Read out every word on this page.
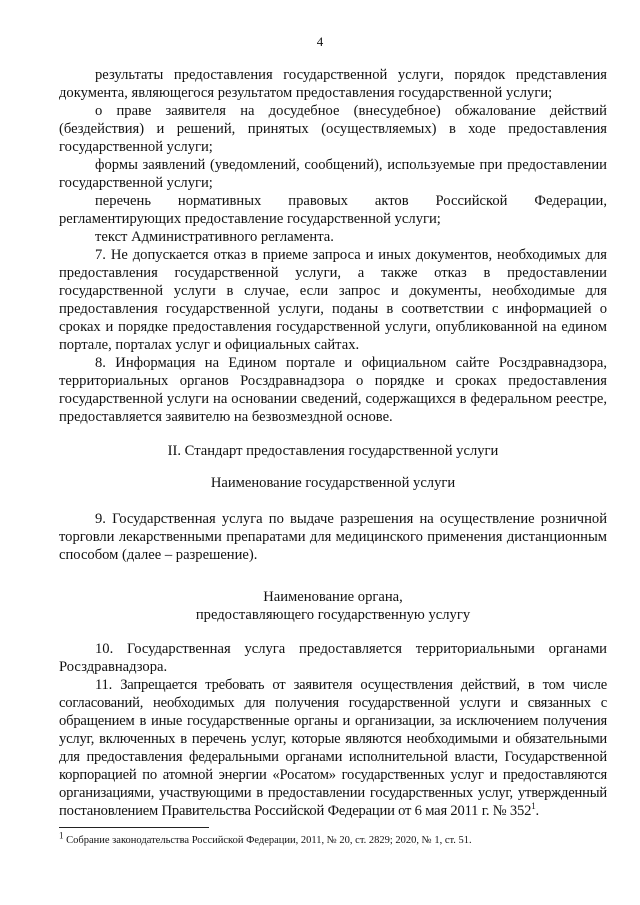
4

результаты предоставления государственной услуги, порядок представления документа, являющегося результатом предоставления государственной услуги;

о праве заявителя на досудебное (внесудебное) обжалование действий (бездействия) и решений, принятых (осуществляемых) в ходе предоставления государственной услуги;

формы заявлений (уведомлений, сообщений), используемые при предоставлении государственной услуги;

перечень нормативных правовых актов Российской Федерации, регламентирующих предоставление государственной услуги;

текст Административного регламента.

7. Не допускается отказ в приеме запроса и иных документов, необходимых для предоставления государственной услуги, а также отказ в предоставлении государственной услуги в случае, если запрос и документы, необходимые для предоставления государственной услуги, поданы в соответствии с информацией о сроках и порядке предоставления государственной услуги, опубликованной на едином портале, порталах услуг и официальных сайтах.

8. Информация на Едином портале и официальном сайте Росздравнадзора, территориальных органов Росздравнадзора о порядке и сроках предоставления государственной услуги на основании сведений, содержащихся в федеральном реестре, предоставляется заявителю на безвозмездной основе.

II. Стандарт предоставления государственной услуги
Наименование государственной услуги

9. Государственная услуга по выдаче разрешения на осуществление розничной торговли лекарственными препаратами для медицинского применения дистанционным способом (далее – разрешение).

Наименование органа,
предоставляющего государственную услугу

10. Государственная услуга предоставляется территориальными органами Росздравнадзора.

11. Запрещается требовать от заявителя осуществления действий, в том числе согласований, необходимых для получения государственной услуги и связанных с обращением в иные государственные органы и организации, за исключением получения услуг, включенных в перечень услуг, которые являются необходимыми и обязательными для предоставления федеральными органами исполнительной власти, Государственной корпорацией по атомной энергии «Росатом» государственных услуг и предоставляются организациями, участвующими в предоставлении государственных услуг, утвержденный постановлением Правительства Российской Федерации от 6 мая 2011 г. № $352^1$.

$^1$ Собрание законодательства Российской Федерации, 2011, № 20, ст. 2829; 2020, № 1, ст. 51.
